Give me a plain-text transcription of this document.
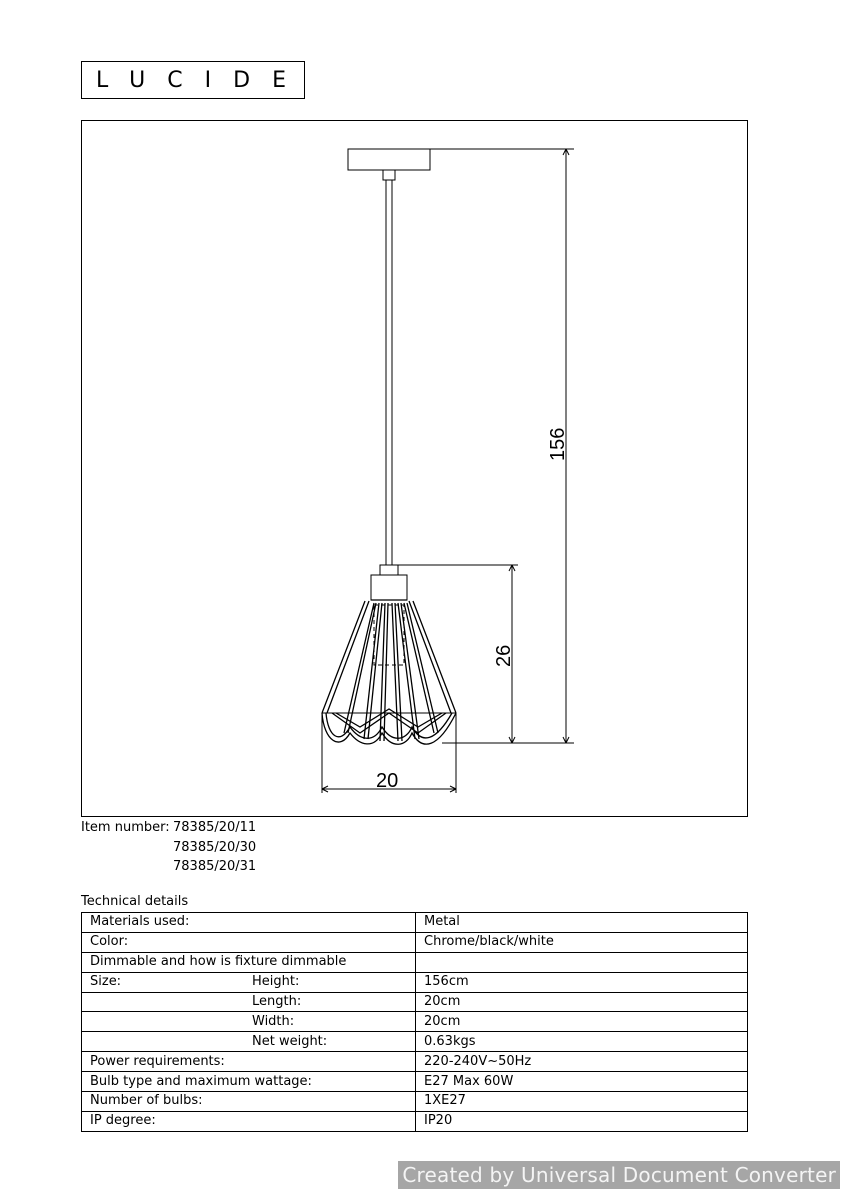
LUCIDE
156
26
20
Item number: 78385/20/11
78385/20/30
78385/20/31
Technical details
Materials used:	Metal
Color:	Chrome/black/white
Dimmable and how is fixture dimmable	
Size: Height:	156cm
Length:	20cm
Width:	20cm
Net weight:	0.63kgs
Power requirements:	220-240V~50Hz
Bulb type and maximum wattage:	E27 Max 60W
Number of bulbs:	1XE27
IP degree:	IP20
Created by Universal Document Converter
